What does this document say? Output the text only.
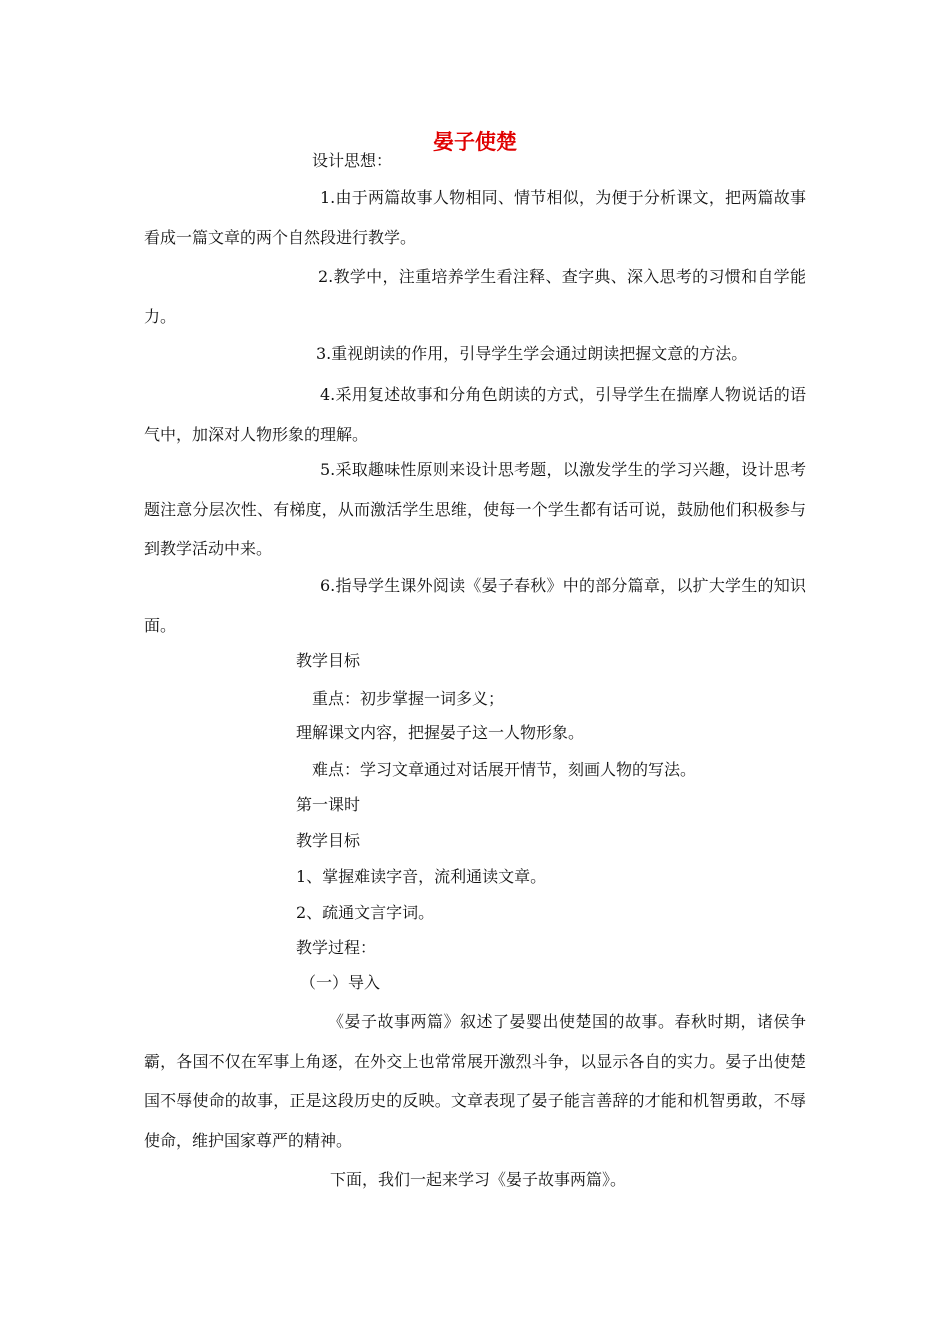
晏子使楚
设计思想：
1.由于两篇故事人物相同、情节相似，为便于分析课文，把两篇故事看成一篇文章的两个自然段进行教学。
2.教学中，注重培养学生看注释、查字典、深入思考的习惯和自学能力。
3.重视朗读的作用，引导学生学会通过朗读把握文意的方法。
4.采用复述故事和分角色朗读的方式，引导学生在揣摩人物说话的语气中，加深对人物形象的理解。
5.采取趣味性原则来设计思考题，以激发学生的学习兴趣，设计思考题注意分层次性、有梯度，从而激活学生思维，使每一个学生都有话可说，鼓励他们积极参与到教学活动中来。
6.指导学生课外阅读《晏子春秋》中的部分篇章，以扩大学生的知识面。
教学目标
重点：初步掌握一词多义；
理解课文内容，把握晏子这一人物形象。
难点：学习文章通过对话展开情节，刻画人物的写法。
第一课时
教学目标
1、掌握难读字音，流利通读文章。
2、疏通文言字词。
教学过程：
（一）导入
《晏子故事两篇》叙述了晏婴出使楚国的故事。春秋时期，诸侯争霸，各国不仅在军事上角逐，在外交上也常常展开激烈斗争，以显示各自的实力。晏子出使楚国不辱使命的故事，正是这段历史的反映。文章表现了晏子能言善辞的才能和机智勇敢，不辱使命，维护国家尊严的精神。
下面，我们一起来学习《晏子故事两篇》。
